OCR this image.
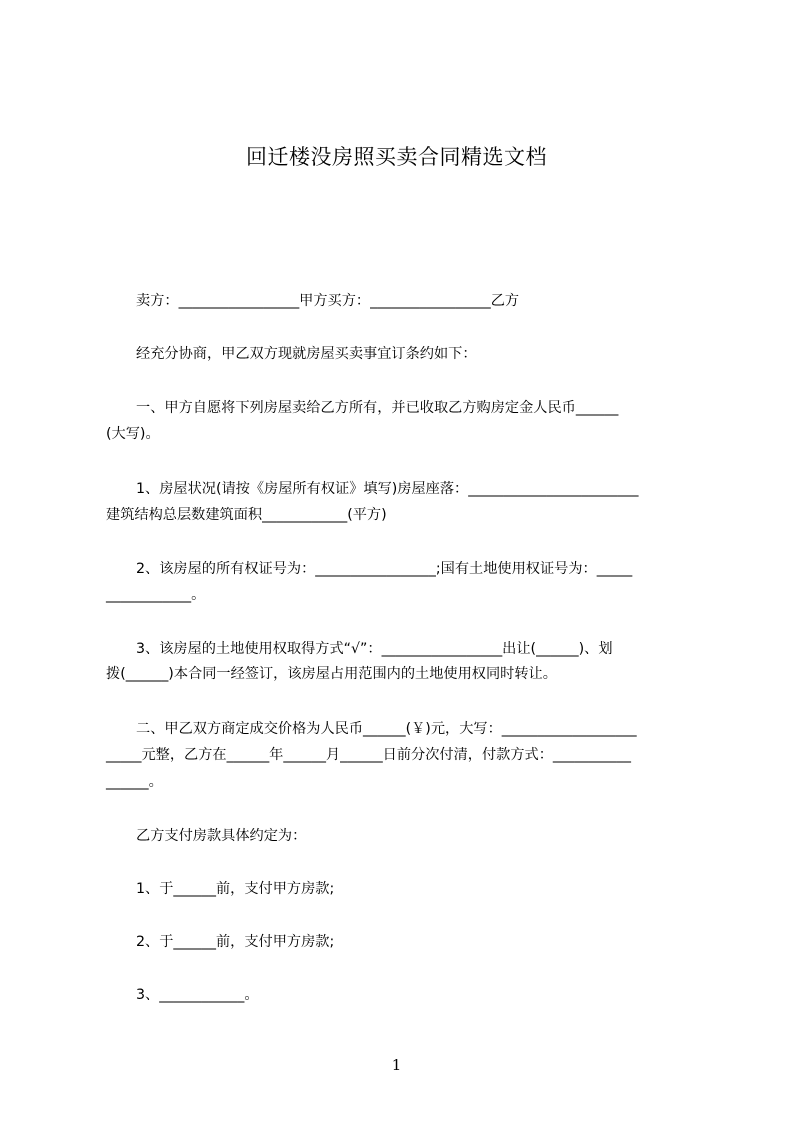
回迁楼没房照买卖合同精选文档
卖方：_________________甲方买方：_________________乙方
经充分协商，甲乙双方现就房屋买卖事宜订条约如下：
一、甲方自愿将下列房屋卖给乙方所有，并已收取乙方购房定金人民币______
(大写)。
1、房屋状况(请按《房屋所有权证》填写)房屋座落：________________________
建筑结构总层数建筑面积____________(平方)
2、该房屋的所有权证号为：_________________;国有土地使用权证号为：_____
____________。
3、该房屋的土地使用权取得方式“√”：_________________出让(______)、划
拨(______)本合同一经签订，该房屋占用范围内的土地使用权同时转让。
二、甲乙双方商定成交价格为人民币______(￥)元，大写：___________________
_____元整，乙方在______年______月______日前分次付清，付款方式：___________
______。
乙方支付房款具体约定为：
1、于______前，支付甲方房款;
2、于______前，支付甲方房款;
3、____________。
1
